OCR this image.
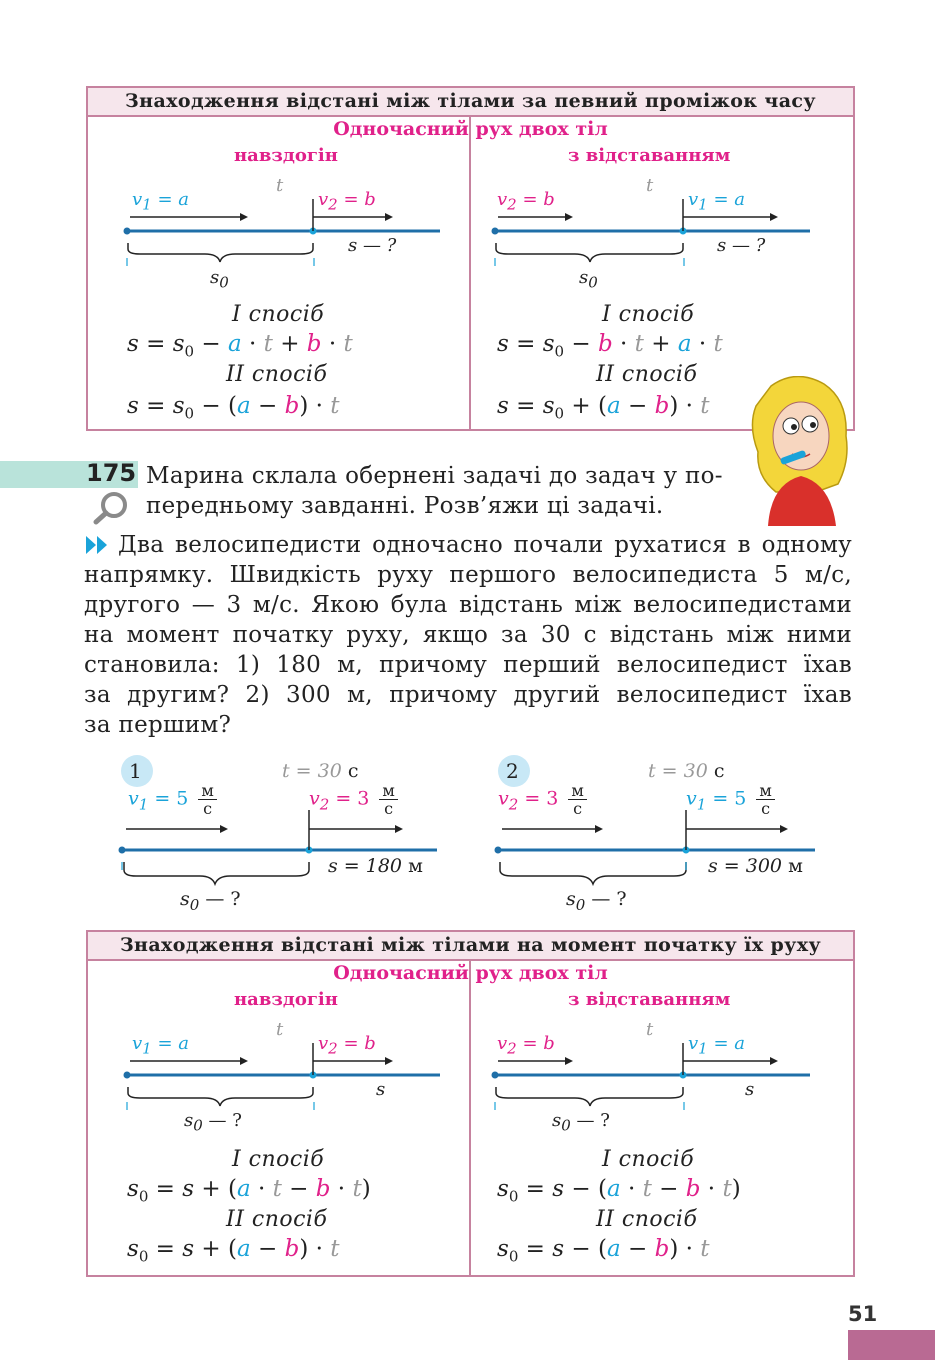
Знаходження відстані між тілами за певний проміжок часу
Одночасний рух двох тіл
навздогін	з відставанням
t
$v_1 = a$	$v_2 = b$
s — ?
$s_0$
t
$v_2 = b$	$v_1 = a$
s — ?
$s_0$
I спосіб
$s = s_0 - a \cdot t + b \cdot t$
II спосіб
$s = s_0 - (a - b) \cdot t$
I спосіб
$s = s_0 - b \cdot t + a \cdot t$
II спосіб
$s = s_0 + (a - b) \cdot t$
175 Марина склала обернені задачі до задач у по-
передньому завданні. Розв’яжи ці задачі.
Два велосипедисти одночасно почали рухатися в одному
напрямку. Швидкість руху першого велосипедиста 5 м/с,
другого — 3 м/с. Якою була відстань між велосипедистами
на момент початку руху, якщо за 30 с відстань між ними
становила: 1) 180 м, причому перший велосипедист їхав
за другим? 2) 300 м, причому другий велосипедист їхав
за першим?
1	t = 30 с
$v_1 = 5 \frac{м}{с}$	$v_2 = 3 \frac{м}{с}$
s = 180 м
$s_0$ — ?
2	t = 30 с
$v_2 = 3 \frac{м}{с}$	$v_1 = 5 \frac{м}{с}$
s = 300 м
$s_0$ — ?
Знаходження відстані між тілами на момент початку їх руху
Одночасний рух двох тіл
навздогін	з відставанням
t
$v_1 = a$	$v_2 = b$
s
$s_0$ — ?
t
$v_2 = b$	$v_1 = a$
s
$s_0$ — ?
I спосіб
$s_0 = s + (a \cdot t - b \cdot t)$
II спосіб
$s_0 = s + (a - b) \cdot t$
I спосіб
$s_0 = s - (a \cdot t - b \cdot t)$
II спосіб
$s_0 = s - (a - b) \cdot t$
51
